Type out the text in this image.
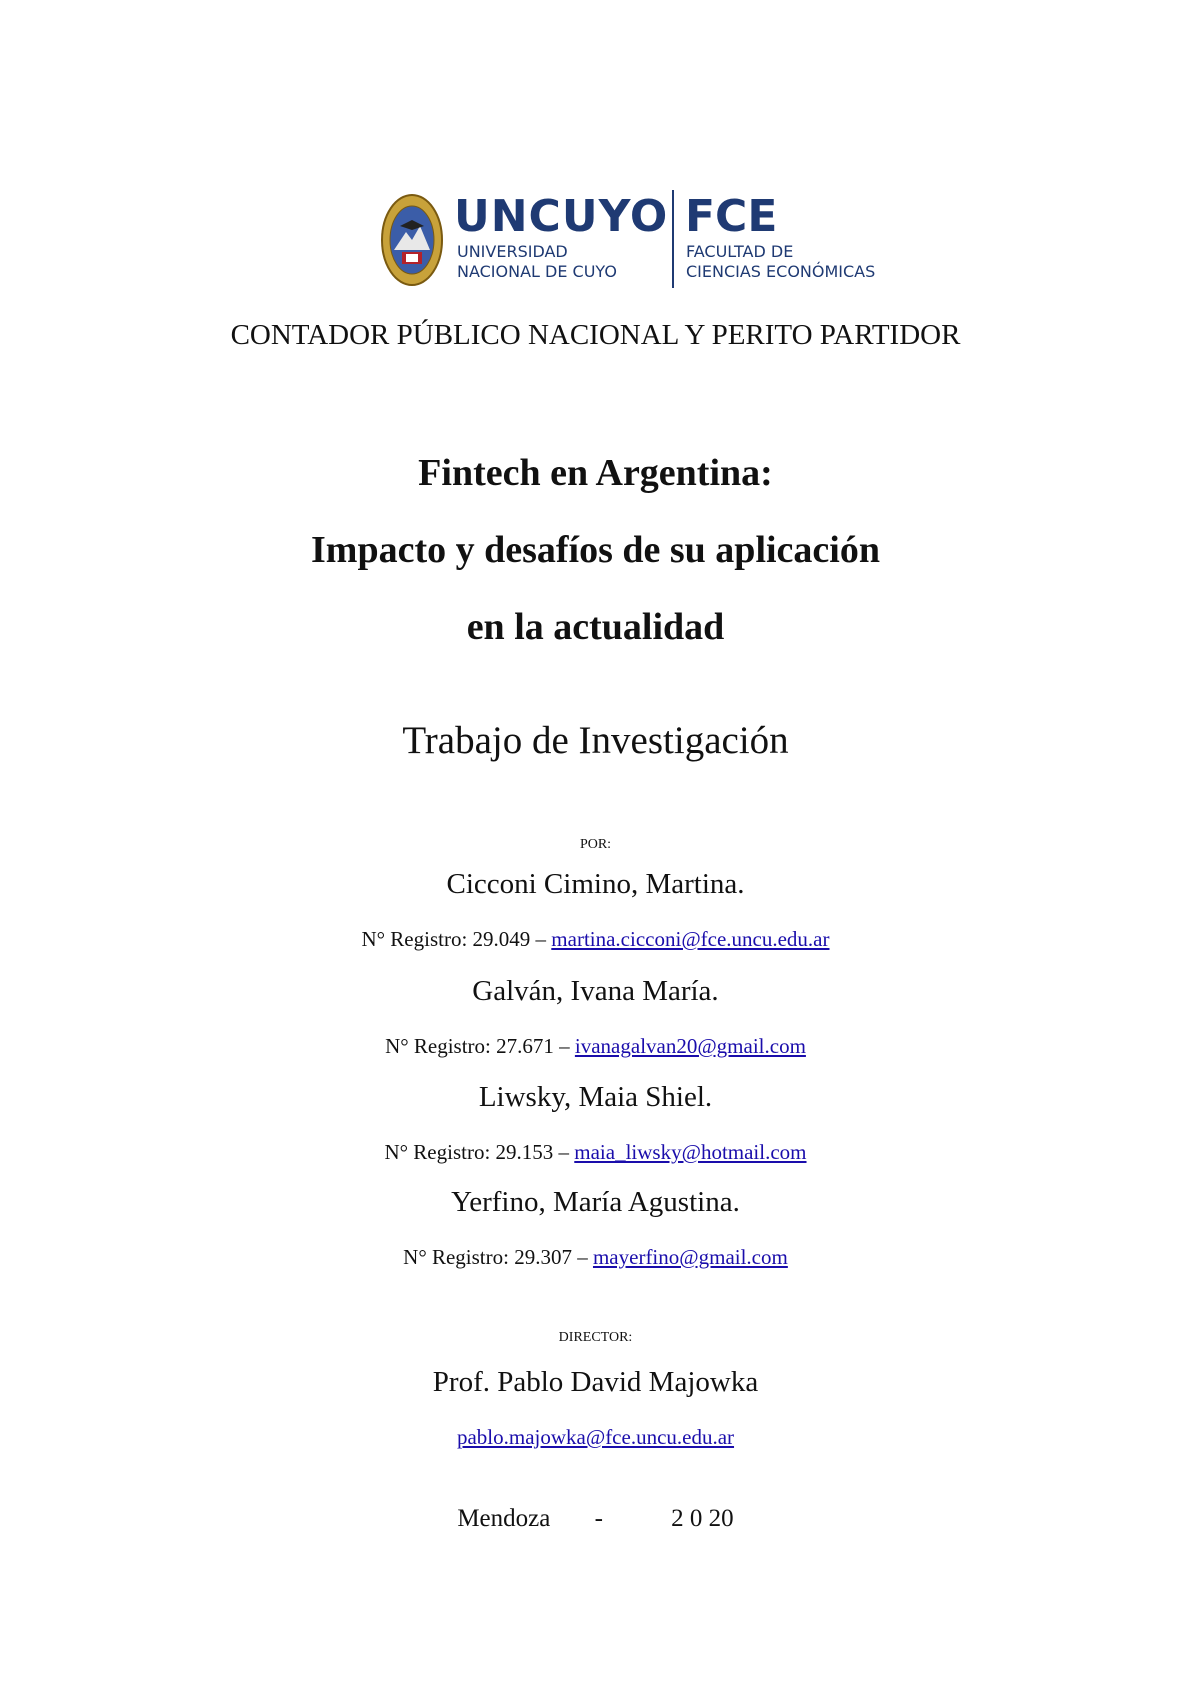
UNCUYO
UNIVERSIDAD
NACIONAL DE CUYO
FCE
FACULTAD DE
CIENCIAS ECONÓMICAS
CONTADOR PÚBLICO NACIONAL Y PERITO PARTIDOR
Fintech en Argentina:
Impacto y desafíos de su aplicación
en la actualidad
Trabajo de Investigación
POR:
Cicconi Cimino, Martina.
N° Registro: 29.049 – martina.cicconi@fce.uncu.edu.ar
Galván, Ivana María.
N° Registro: 27.671 – ivanagalvan20@gmail.com
Liwsky, Maia Shiel.
N° Registro: 29.153 – maia_liwsky@hotmail.com
Yerfino, María Agustina.
N° Registro: 29.307 – mayerfino@gmail.com
DIRECTOR:
Prof. Pablo David Majowka
pablo.majowka@fce.uncu.edu.ar
Mendoza -	2 0 20
